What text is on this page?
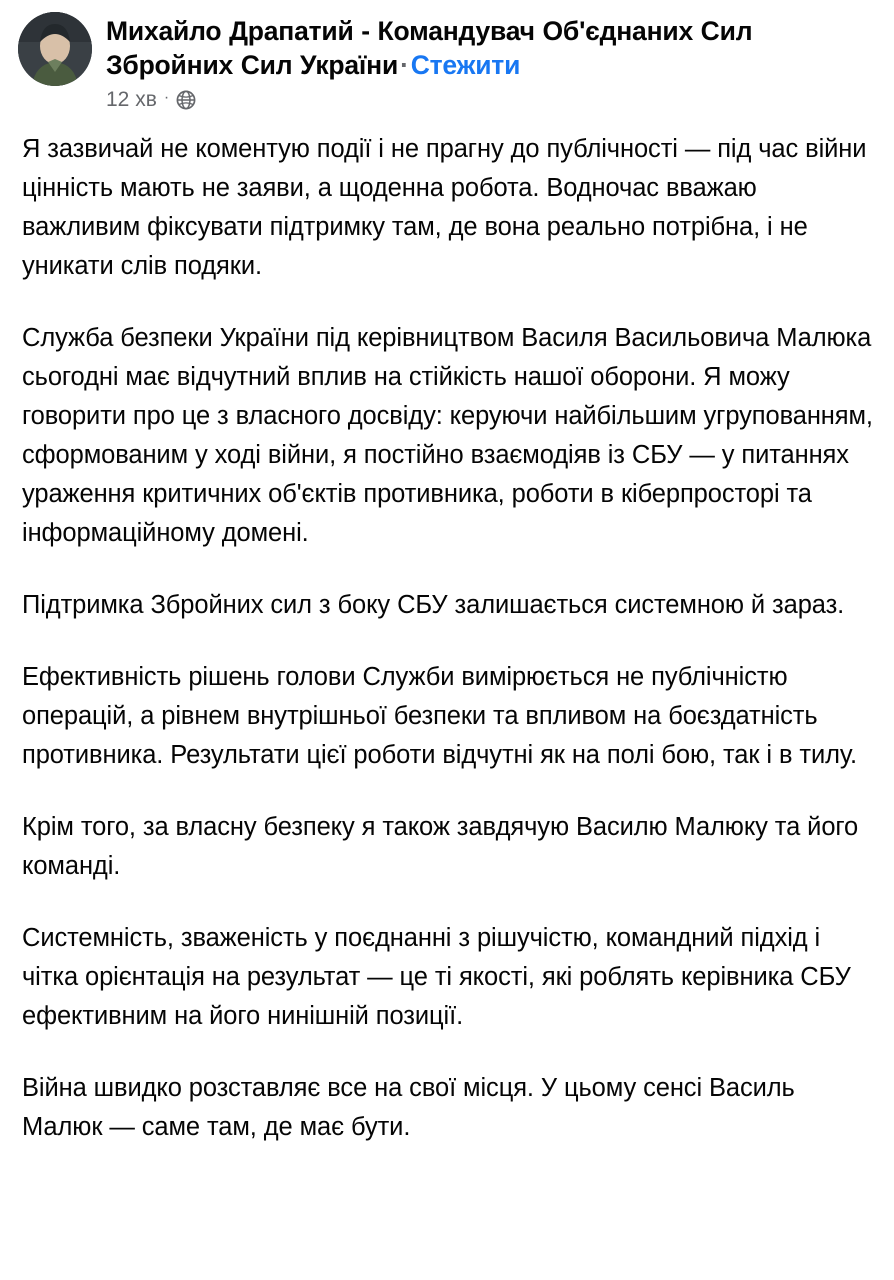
Михайло Драпатий - Командувач Об'єднаних Сил Збройних Сил України·Стежити
12 хв ·

Я зазвичай не коментую події і не прагну до публічності — під час війни цінність мають не заяви, а щоденна робота. Водночас вважаю важливим фіксувати підтримку там, де вона реально потрібна, і не уникати слів подяки.

Служба безпеки України під керівництвом Василя Васильовича Малюка сьогодні має відчутний вплив на стійкість нашої оборони. Я можу говорити про це з власного досвіду: керуючи найбільшим угрупованням, сформованим у ході війни, я постійно взаємодіяв із СБУ — у питаннях ураження критичних об'єктів противника, роботи в кіберпросторі та інформаційному домені.

Підтримка Збройних сил з боку СБУ залишається системною й зараз.

Ефективність рішень голови Служби вимірюється не публічністю операцій, а рівнем внутрішньої безпеки та впливом на боєздатність противника. Результати цієї роботи відчутні як на полі бою, так і в тилу.

Крім того, за власну безпеку я також завдячую Василю Малюку та його команді.

Системність, зваженість у поєднанні з рішучістю, командний підхід і чітка орієнтація на результат — це ті якості, які роблять керівника СБУ ефективним на його нинішній позиції.

Війна швидко розставляє все на свої місця. У цьому сенсі Василь Малюк — саме там, де має бути.
